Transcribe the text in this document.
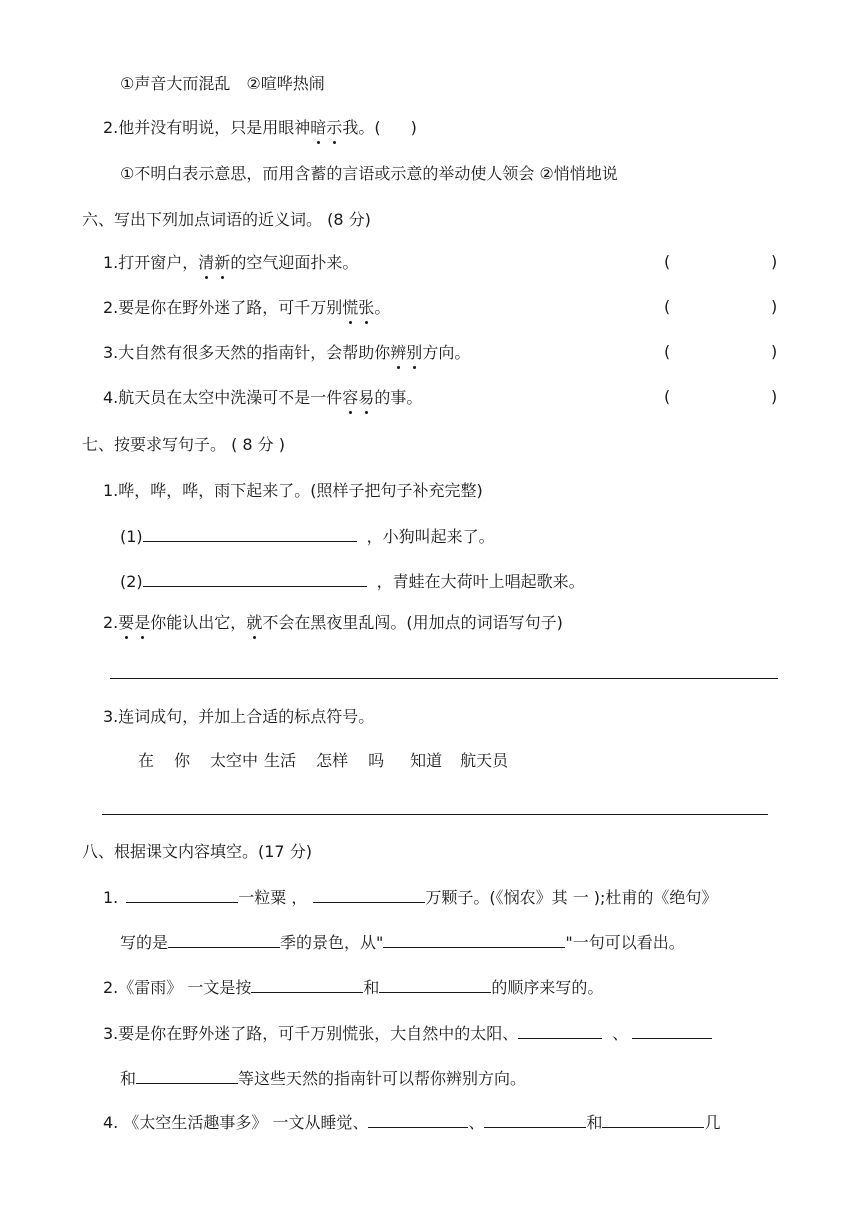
①声音大而混乱　②喧哗热闹
2.他并没有明说，只是用眼神暗示我。( )
①不明白表示意思，而用含蓄的言语或示意的举动使人领会 ②悄悄地说
六、写出下列加点词语的近义词。 (8 分)
1.打开窗户，清新的空气迎面扑来。	(	)
2.要是你在野外迷了路，可千万别慌张。	(	)
3.大自然有很多天然的指南针，会帮助你辨别方向。	(	)
4.航天员在太空中洗澡可不是一件容易的事。	(	)
七、按要求写句子。 ( 8 分 )
1.哗，哗，哗，雨下起来了。(照样子把句子补充完整)
(1)	，小狗叫起来了。
(2)	，青蛙在大荷叶上唱起歌来。
2.要是你能认出它，就不会在黑夜里乱闯。(用加点的词语写句子)
3.连词成句，并加上合适的标点符号。
在 你 太空中 生活 怎样 吗 知道 航天员
八、根据课文内容填空。(17 分)
1.	一粒粟 ，	万颗子。(《悯农》其 一 );杜甫的《绝句》
写的是	季的景色，从"	"一句可以看出。
2.《雷雨》 一文是按	和	的顺序来写的。
3.要是你在野外迷了路，可千万别慌张，大自然中的太阳、	、
和	等这些天然的指南针可以帮你辨别方向。
4. 《太空生活趣事多》 一文从睡觉、	、	和	几
